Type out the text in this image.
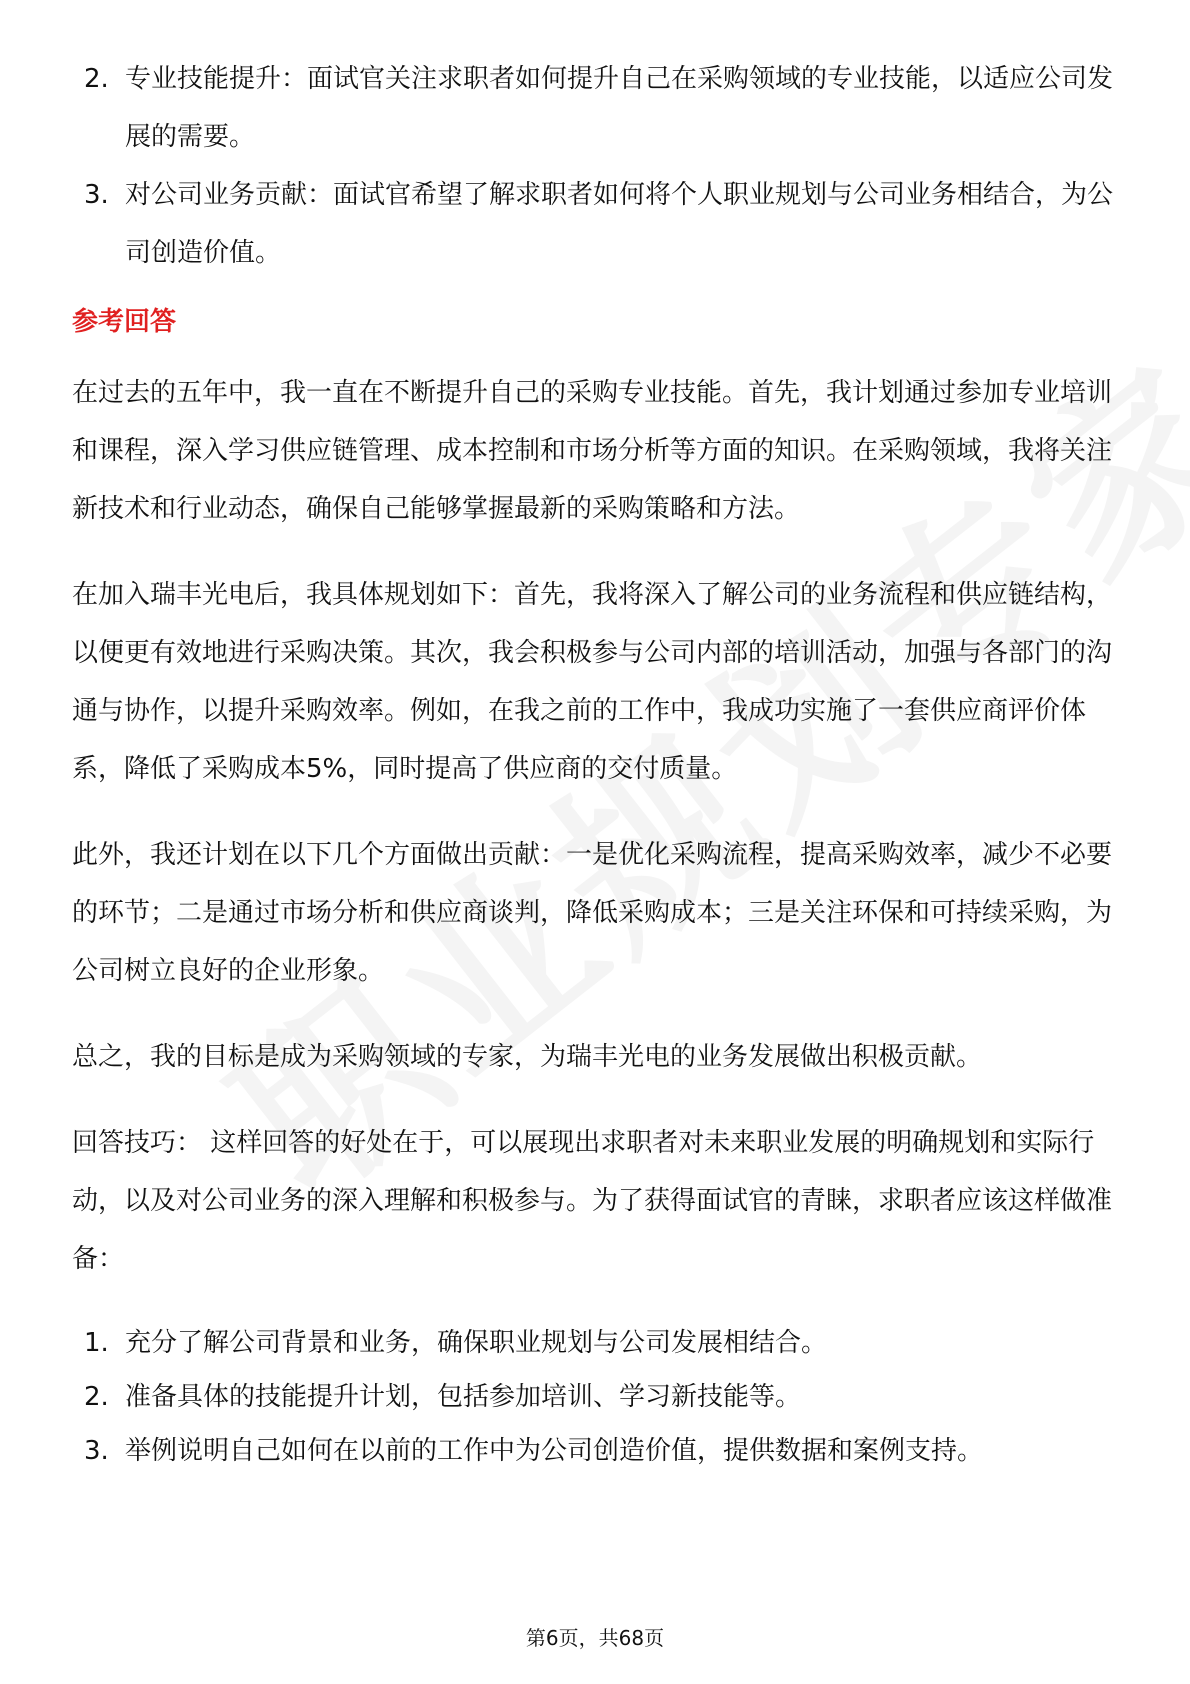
2. 专业技能提升：面试官关注求职者如何提升自己在采购领域的专业技能，以适应公司发展的需要。
3. 对公司业务贡献：面试官希望了解求职者如何将个人职业规划与公司业务相结合，为公司创造价值。
参考回答

在过去的五年中，我一直在不断提升自己的采购专业技能。首先，我计划通过参加专业培训和课程，深入学习供应链管理、成本控制和市场分析等方面的知识。在采购领域，我将关注新技术和行业动态，确保自己能够掌握最新的采购策略和方法。

在加入瑞丰光电后，我具体规划如下：首先，我将深入了解公司的业务流程和供应链结构，以便更有效地进行采购决策。其次，我会积极参与公司内部的培训活动，加强与各部门的沟通与协作，以提升采购效率。例如，在我之前的工作中，我成功实施了一套供应商评价体系，降低了采购成本5%，同时提高了供应商的交付质量。

此外，我还计划在以下几个方面做出贡献：一是优化采购流程，提高采购效率，减少不必要的环节；二是通过市场分析和供应商谈判，降低采购成本；三是关注环保和可持续采购，为公司树立良好的企业形象。

总之，我的目标是成为采购领域的专家，为瑞丰光电的业务发展做出积极贡献。

回答技巧： 这样回答的好处在于，可以展现出求职者对未来职业发展的明确规划和实际行动，以及对公司业务的深入理解和积极参与。为了获得面试官的青睐，求职者应该这样做准备：

1. 充分了解公司背景和业务，确保职业规划与公司发展相结合。
2. 准备具体的技能提升计划，包括参加培训、学习新技能等。
3. 举例说明自己如何在以前的工作中为公司创造价值，提供数据和案例支持。
第6页，共68页
